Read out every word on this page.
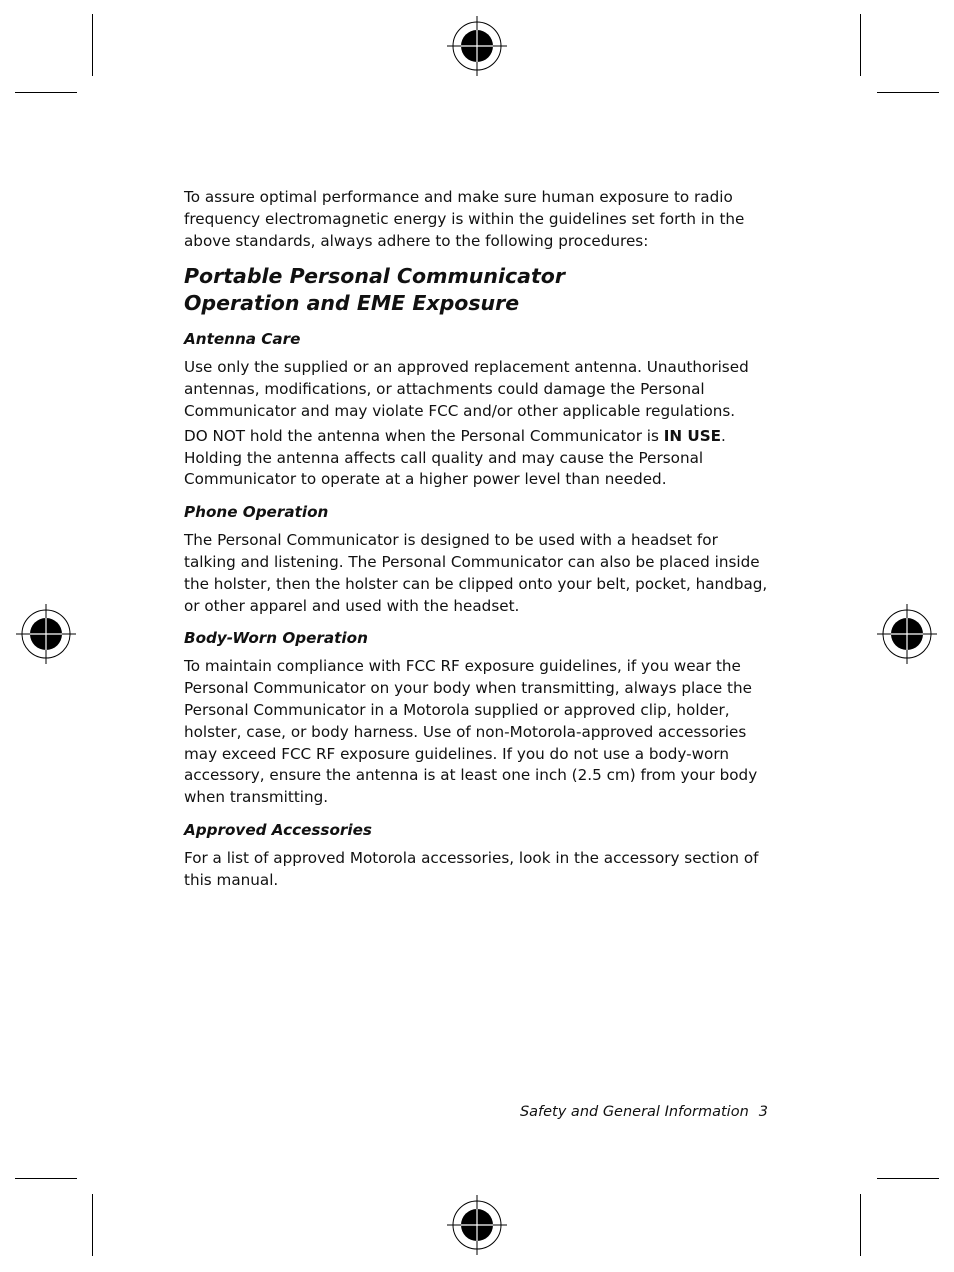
To assure optimal performance and make sure human exposure to radio frequency electromagnetic energy is within the guidelines set forth in the above standards, always adhere to the following procedures:

Portable Personal Communicator Operation and EME Exposure
Antenna Care

Use only the supplied or an approved replacement antenna. Unauthorised antennas, modifications, or attachments could damage the Personal Communicator and may violate FCC and/or other applicable regulations.

DO NOT hold the antenna when the Personal Communicator is IN USE. Holding the antenna affects call quality and may cause the Personal Communicator to operate at a higher power level than needed.

Phone Operation

The Personal Communicator is designed to be used with a headset for talking and listening. The Personal Communicator can also be placed inside the holster, then the holster can be clipped onto your belt, pocket, handbag, or other apparel and used with the headset.

Body-Worn Operation

To maintain compliance with FCC RF exposure guidelines, if you wear the Personal Communicator on your body when transmitting, always place the Personal Communicator in a Motorola supplied or approved clip, holder, holster, case, or body harness. Use of non-Motorola-approved accessories may exceed FCC RF exposure guidelines. If you do not use a body-worn accessory, ensure the antenna is at least one inch (2.5 cm) from your body when transmitting.

Approved Accessories

For a list of approved Motorola accessories, look in the accessory section of this manual.

Safety and General Information 3
